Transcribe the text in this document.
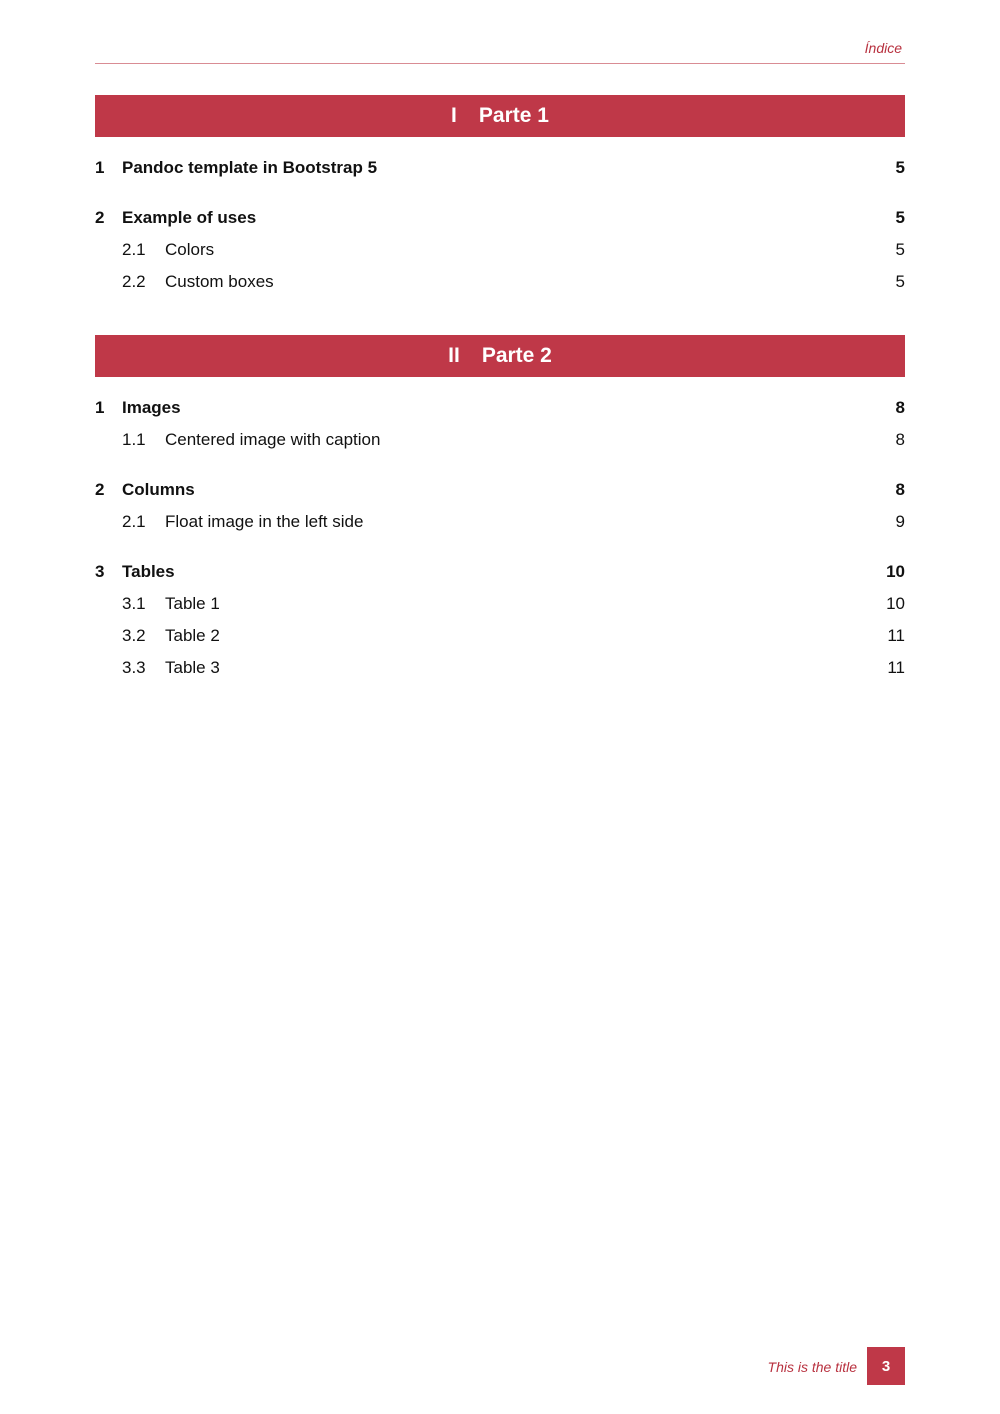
Índice
I Parte 1
1	Pandoc template in Bootstrap 5	5
2	Example of uses	5
2.1	Colors	5
2.2	Custom boxes	5
II Parte 2
1	Images	8
1.1	Centered image with caption	8
2	Columns	8
2.1	Float image in the left side	9
3	Tables	10
3.1	Table 1	10
3.2	Table 2	11
3.3	Table 3	11
This is the title	3
